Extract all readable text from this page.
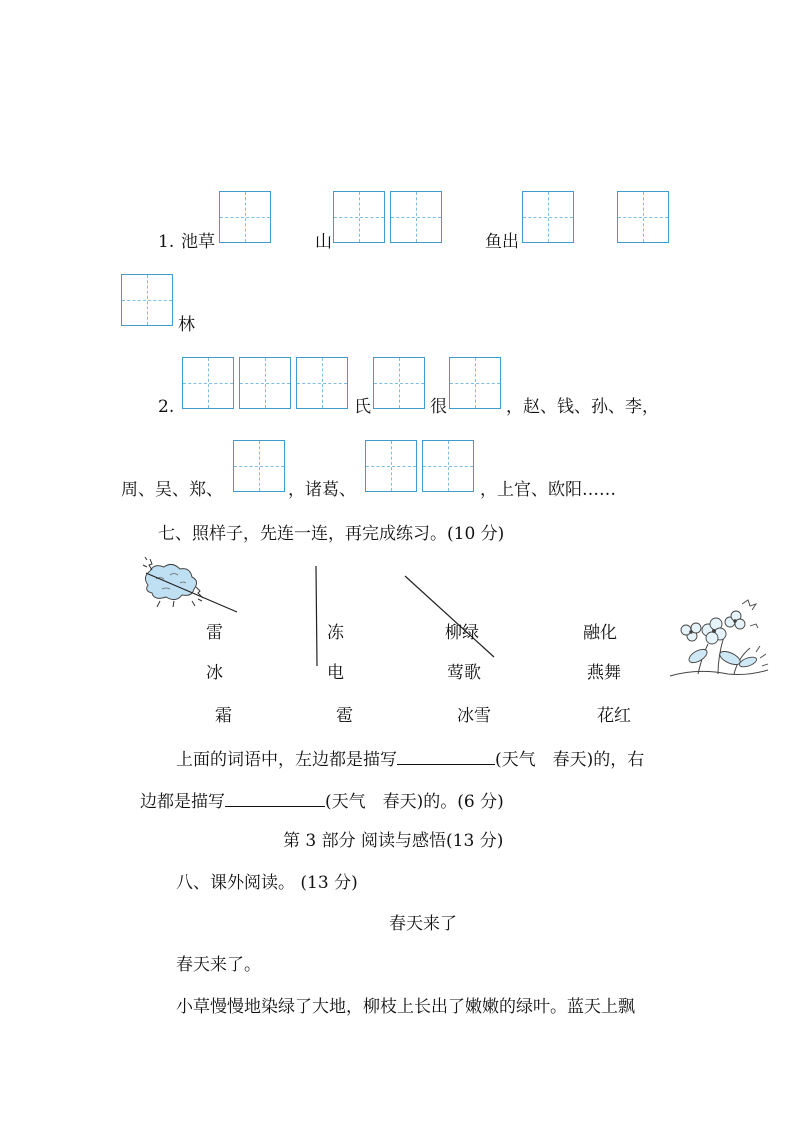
1. 池草	山	鱼出
林
2.	氏	很	，赵、钱、孙、李，
周、吴、郑、	，诸葛、	，上官、欧阳……
七、照样子，先连一连，再完成练习。(10 分)
雷	冻	柳绿	融化
冰	电	莺歌	燕舞
霜	雹	冰雪	花红
上面的词语中，左边都是描写	(天气　春天)的，右
边都是描写	(天气　春天)的。(6 分)
第 3 部分 阅读与感悟(13 分)
八、课外阅读。 (13 分)
春天来了
春天来了。
小草慢慢地染绿了大地，柳枝上长出了嫩嫩的绿叶。蓝天上飘
